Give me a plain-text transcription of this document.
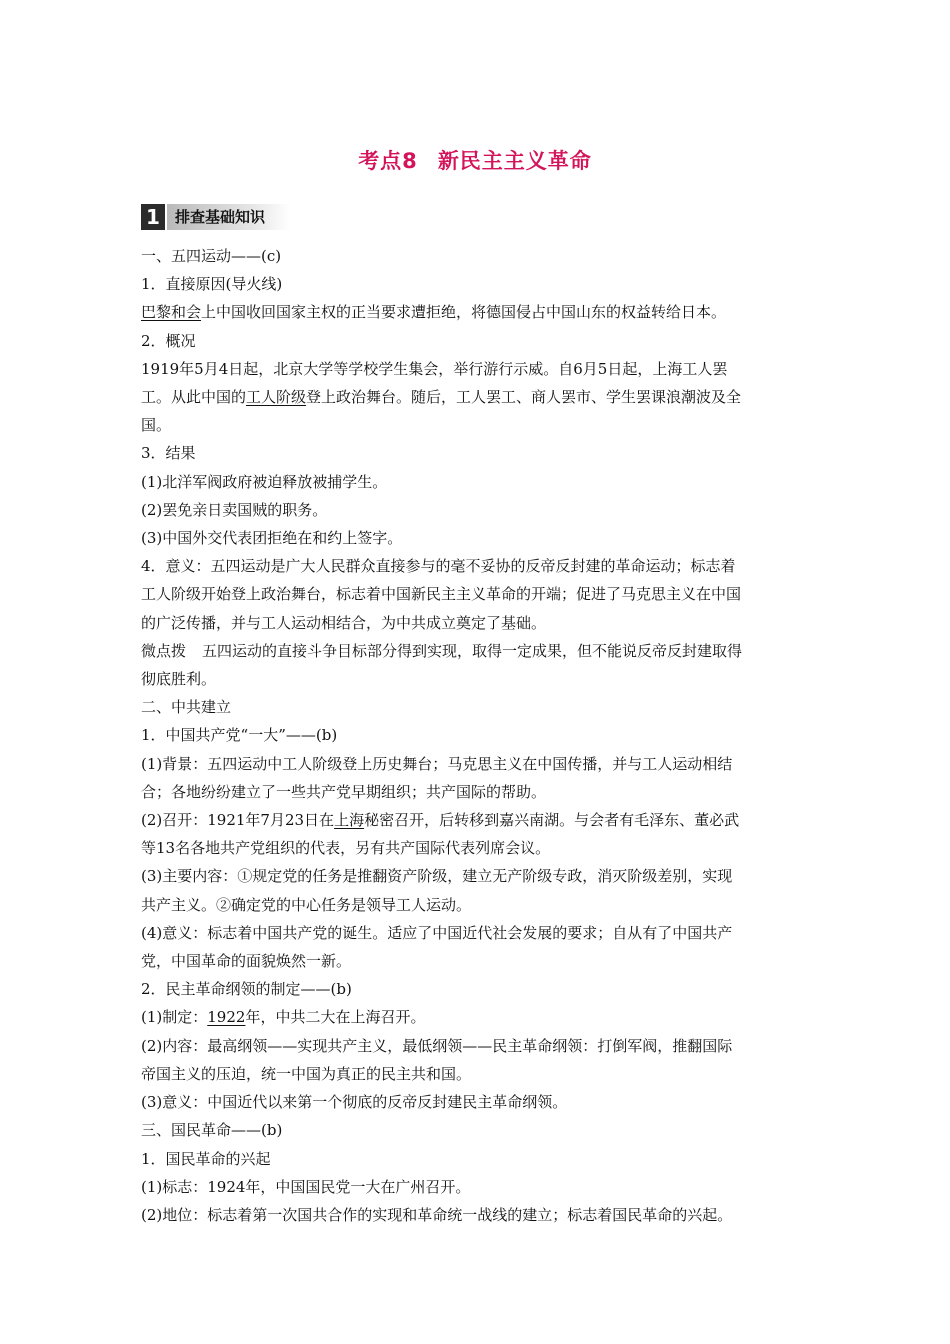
考点8 新民主主义革命
1	排查基础知识
一、五四运动——(c)
1．直接原因(导火线)
巴黎和会上中国收回国家主权的正当要求遭拒绝，将德国侵占中国山东的权益转给日本。
2．概况
1919年5月4日起，北京大学等学校学生集会，举行游行示威。自6月5日起，上海工人罢
工。从此中国的工人阶级登上政治舞台。随后，工人罢工、商人罢市、学生罢课浪潮波及全
国。
3．结果
(1)北洋军阀政府被迫释放被捕学生。
(2)罢免亲日卖国贼的职务。
(3)中国外交代表团拒绝在和约上签字。
4．意义：五四运动是广大人民群众直接参与的毫不妥协的反帝反封建的革命运动；标志着
工人阶级开始登上政治舞台，标志着中国新民主主义革命的开端；促进了马克思主义在中国
的广泛传播，并与工人运动相结合，为中共成立奠定了基础。
微点拨 五四运动的直接斗争目标部分得到实现，取得一定成果，但不能说反帝反封建取得
彻底胜利。
二、中共建立
1．中国共产党“一大”——(b)
(1)背景：五四运动中工人阶级登上历史舞台；马克思主义在中国传播，并与工人运动相结
合；各地纷纷建立了一些共产党早期组织；共产国际的帮助。
(2)召开：1921年7月23日在上海秘密召开，后转移到嘉兴南湖。与会者有毛泽东、董必武
等13名各地共产党组织的代表，另有共产国际代表列席会议。
(3)主要内容：①规定党的任务是推翻资产阶级，建立无产阶级专政，消灭阶级差别，实现
共产主义。②确定党的中心任务是领导工人运动。
(4)意义：标志着中国共产党的诞生。适应了中国近代社会发展的要求；自从有了中国共产
党，中国革命的面貌焕然一新。
2．民主革命纲领的制定——(b)
(1)制定：1922年，中共二大在上海召开。
(2)内容：最高纲领——实现共产主义，最低纲领——民主革命纲领：打倒军阀，推翻国际
帝国主义的压迫，统一中国为真正的民主共和国。
(3)意义：中国近代以来第一个彻底的反帝反封建民主革命纲领。
三、国民革命——(b)
1．国民革命的兴起
(1)标志：1924年，中国国民党一大在广州召开。
(2)地位：标志着第一次国共合作的实现和革命统一战线的建立；标志着国民革命的兴起。
